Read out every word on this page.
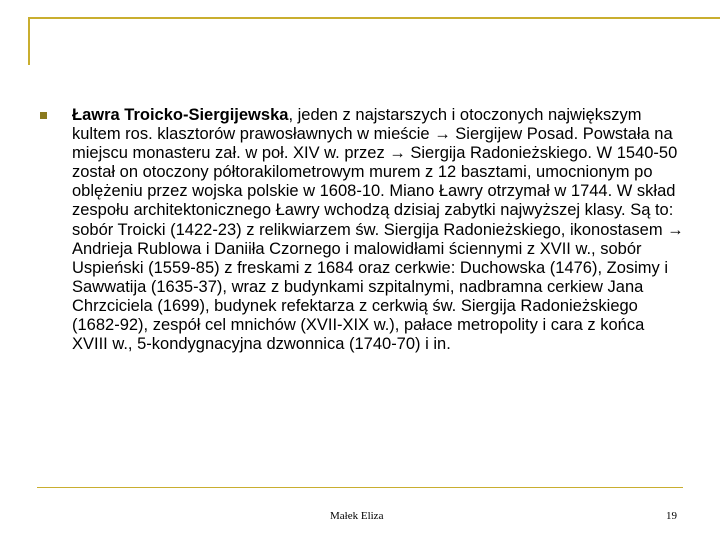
Ławra Troicko-Siergijewska, jeden z najstarszych i otoczonych największym kultem ros. klasztorów prawosławnych w mieście → Siergijew Posad. Powstała na miejscu monasteru zał. w poł. XIV w. przez → Siergija Radonieżskiego. W 1540-50 został on otoczony półtorakilometrowym murem z 12 basztami, umocnionym po oblężeniu przez wojska polskie w 1608-10. Miano Ławry otrzymał w 1744. W skład zespołu architektonicznego Ławry wchodzą dzisiaj zabytki najwyższej klasy. Są to: sobór Troicki (1422-23) z relikwiarzem św. Siergija Radonieżskiego, ikonostasem → Andrieja Rublowa i Daniiła Czornego i malowidłami ściennymi z XVII w., sobór Uspieński (1559-85) z freskami z 1684 oraz cerkwie: Duchowska (1476), Zosimy i Sawwatija (1635-37), wraz z budynkami szpitalnymi, nadbramna cerkiew Jana Chrzciciela (1699), budynek refektarza z cerkwią św. Siergija Radonieżskiego (1682-92), zespół cel mnichów (XVII-XIX w.), pałace metropolity i cara z końca XVIII w., 5-kondygnacyjna dzwonnica (1740-70) i in.

Małek Eliza	19
